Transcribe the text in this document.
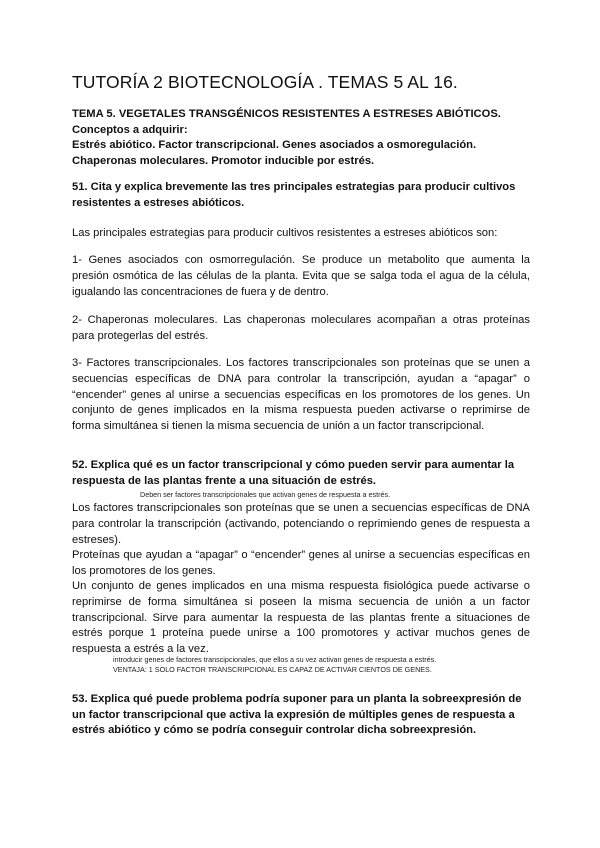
TUTORÍA 2 BIOTECNOLOGÍA . TEMAS 5 AL 16.
TEMA 5. VEGETALES TRANSGÉNICOS RESISTENTES A ESTRESES ABIÓTICOS.
Conceptos a adquirir:
Estrés abiótico. Factor transcripcional. Genes asociados a osmoregulación.
Chaperonas moleculares. Promotor inducible por estrés.
51. Cita y explica brevemente las tres principales estrategias para producir cultivos
resistentes a estreses abióticos.
Las principales estrategias para producir cultivos resistentes a estreses abióticos son:
1- Genes asociados con osmorregulación. Se produce un metabolito que aumenta la
presión osmótica de las células de la planta. Evita que se salga toda el agua de la célula,
igualando las concentraciones de fuera y de dentro.
2- Chaperonas moleculares. Las chaperonas moleculares acompañan a otras proteínas
para protegerlas del estrés.
3- Factores transcripcionales. Los factores transcripcionales son proteínas que se unen a
secuencias específicas de DNA para controlar la transcripción, ayudan a “apagar” o
“encender” genes al unirse a secuencias específicas en los promotores de los genes. Un
conjunto de genes implicados en la misma respuesta pueden activarse o reprimirse de
forma simultánea si tienen la misma secuencia de unión a un factor transcripcional.
52. Explica qué es un factor transcripcional y cómo pueden servir para aumentar la
respuesta de las plantas frente a una situación de estrés.
Deben ser factores transcripcionales que activan genes de respuesta a estrés.
Los factores transcripcionales son proteínas que se unen a secuencias específicas de DNA
para controlar la transcripción (activando, potenciando o reprimiendo genes de respuesta a
estreses).
Proteínas que ayudan a “apagar” o “encender” genes al unirse a secuencias específicas en
los promotores de los genes.
Un conjunto de genes implicados en una misma respuesta fisiológica puede activarse o
reprimirse de forma simultánea si poseen la misma secuencia de unión a un factor
transcripcional. Sirve para aumentar la respuesta de las plantas frente a situaciones de
estrés porque 1 proteína puede unirse a 100 promotores y activar muchos genes de
respuesta a estrés a la vez.
introducir genes de factores transcipcionales, que ellos a su vez activan genes de respuesta a estrés.
VENTAJA: 1 SOLO FACTOR TRANSCRIPCIONAL ES CAPAZ DE ACTIVAR CIENTOS DE GENES.
53. Explica qué puede problema podría suponer para un planta la sobreexpresión de
un factor transcripcional que activa la expresión de múltiples genes de respuesta a
estrés abiótico y cómo se podría conseguir controlar dicha sobreexpresión.
